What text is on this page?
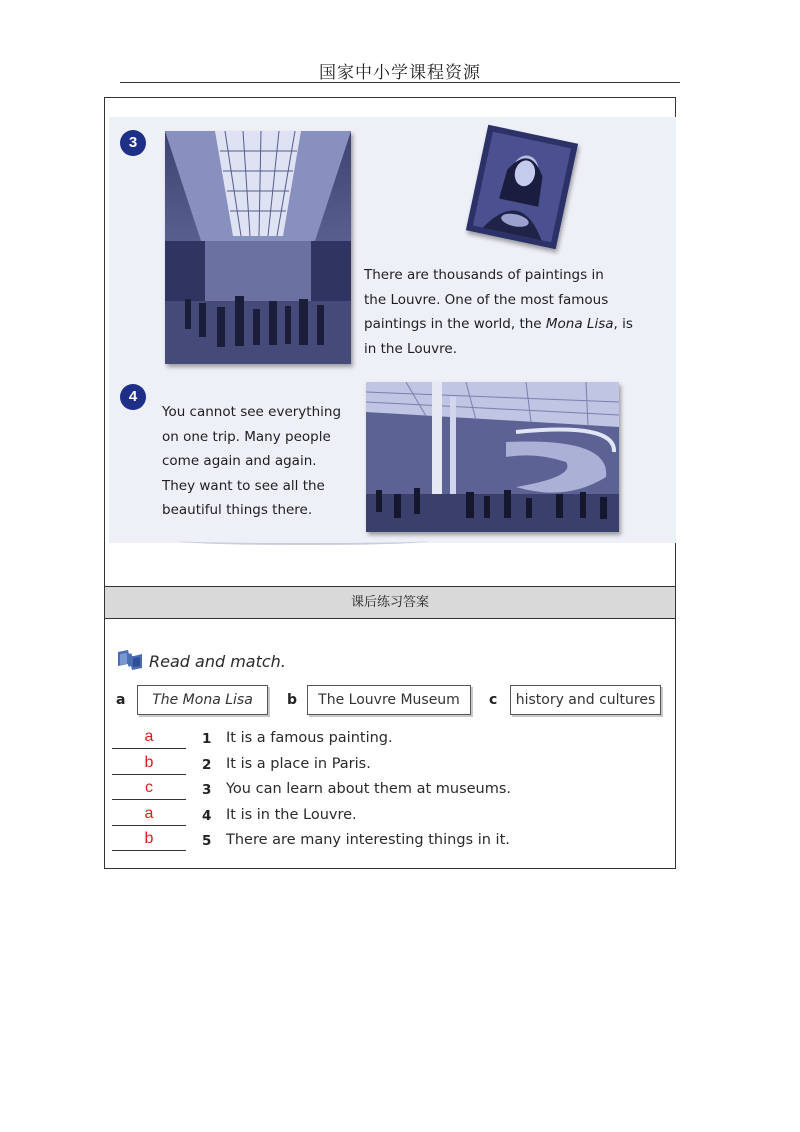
国家中小学课程资源
3
There are thousands of paintings in
the Louvre. One of the most famous
paintings in the world, the Mona Lisa, is
in the Louvre.
4
You cannot see everything
on one trip. Many people
come again and again.
They want to see all the
beautiful things there.
课后练习答案
Read and match.
a	The Mona Lisa	b	The Louvre Museum	c	history and cultures
a	1 It is a famous painting.
b	2 It is a place in Paris.
c	3 You can learn about them at museums.
a	4 It is in the Louvre.
b	5 There are many interesting things in it.
